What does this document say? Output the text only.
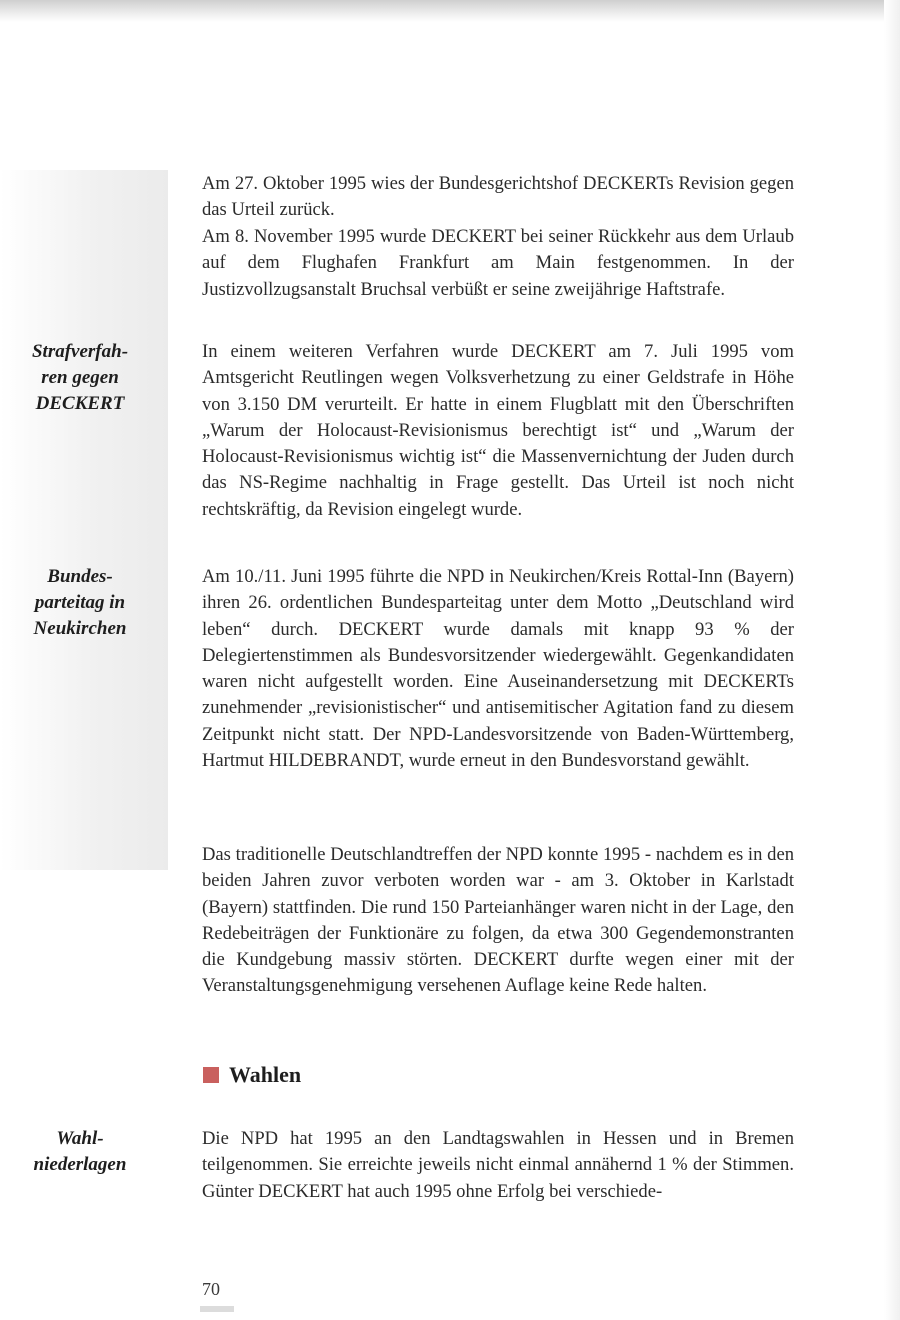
Strafverfah-
ren gegen
DECKERT
Bundes-
parteitag in
Neukirchen
Wahl-
niederlagen

Am 27. Oktober 1995 wies der Bundesgerichtshof DECKERTs Revision gegen das Urteil zurück.

Am 8. November 1995 wurde DECKERT bei seiner Rückkehr aus dem Urlaub auf dem Flughafen Frankfurt am Main festgenommen. In der Justizvollzugsanstalt Bruchsal verbüßt er seine zweijährige Haftstrafe.

In einem weiteren Verfahren wurde DECKERT am 7. Juli 1995 vom Amtsgericht Reutlingen wegen Volksverhetzung zu einer Geldstrafe in Höhe von 3.150 DM verurteilt. Er hatte in einem Flugblatt mit den Überschriften „Warum der Holocaust-Revisionismus berechtigt ist“ und „Warum der Holocaust-Revisionismus wichtig ist“ die Massenvernichtung der Juden durch das NS-Regime nachhaltig in Frage gestellt. Das Urteil ist noch nicht rechtskräftig, da Revision eingelegt wurde.

Am 10./11. Juni 1995 führte die NPD in Neukirchen/Kreis Rottal-Inn (Bayern) ihren 26. ordentlichen Bundesparteitag unter dem Motto „Deutschland wird leben“ durch. DECKERT wurde damals mit knapp 93 % der Delegiertenstimmen als Bundesvorsitzender wiedergewählt. Gegenkandidaten waren nicht aufgestellt worden. Eine Auseinandersetzung mit DECKERTs zunehmender „revisionistischer“ und antisemitischer Agitation fand zu diesem Zeitpunkt nicht statt. Der NPD-Landesvorsitzende von Baden-Württemberg, Hartmut HILDEBRANDT, wurde erneut in den Bundesvorstand gewählt.

Das traditionelle Deutschlandtreffen der NPD konnte 1995 - nachdem es in den beiden Jahren zuvor verboten worden war - am 3. Oktober in Karlstadt (Bayern) stattfinden. Die rund 150 Parteianhänger waren nicht in der Lage, den Redebeiträgen der Funktionäre zu folgen, da etwa 300 Gegendemonstranten die Kundgebung massiv störten. DECKERT durfte wegen einer mit der Veranstaltungsgenehmigung versehenen Auflage keine Rede halten.

Wahlen

Die NPD hat 1995 an den Landtagswahlen in Hessen und in Bremen teilgenommen. Sie erreichte jeweils nicht einmal annähernd 1 % der Stimmen. Günter DECKERT hat auch 1995 ohne Erfolg bei verschiede-

70
